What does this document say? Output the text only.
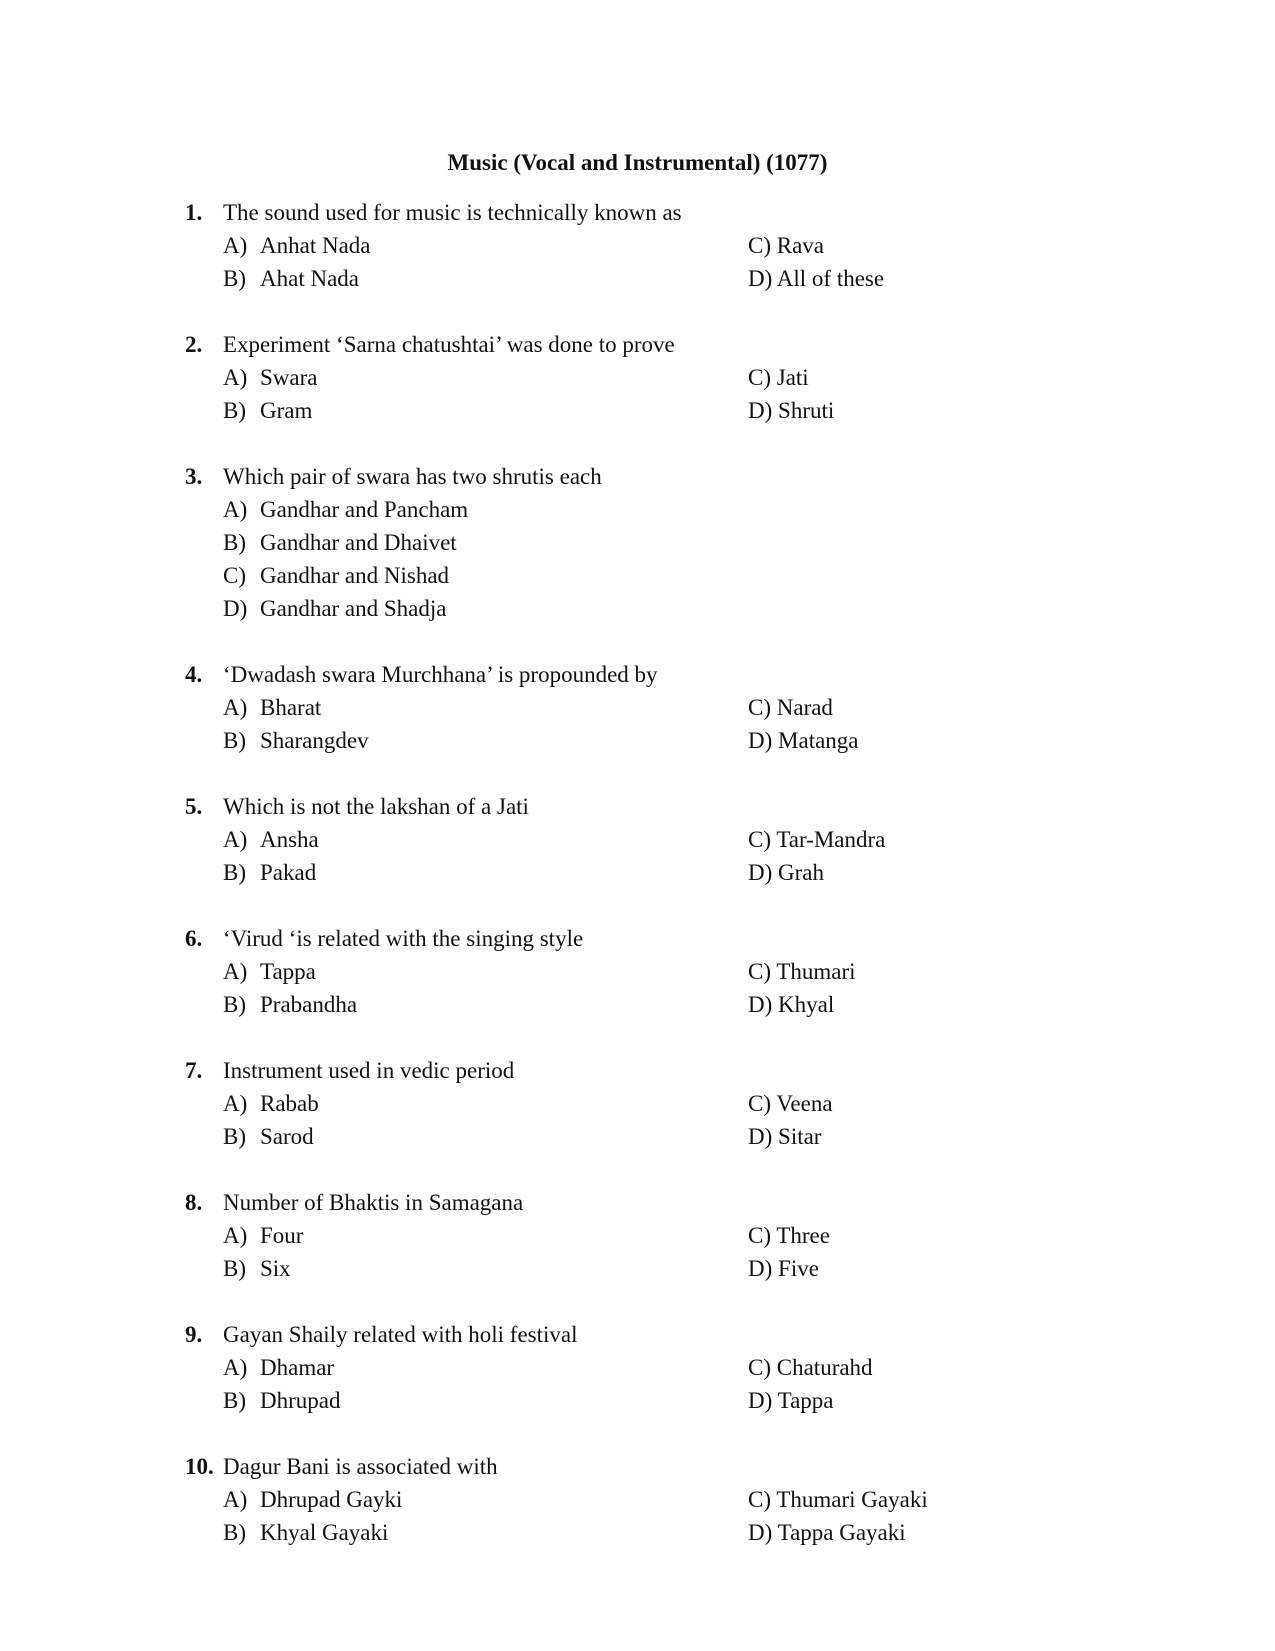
Music (Vocal and Instrumental) (1077)
1. The sound used for music is technically known as
A) Anhat Nada
B) Ahat Nada
C) Rava
D) All of these
2. Experiment ‘Sarna chatushtai’ was done to prove
A) Swara
B) Gram
C) Jati
D) Shruti
3. Which pair of swara has two shrutis each
A) Gandhar and Pancham
B) Gandhar and Dhaivet
C) Gandhar and Nishad
D) Gandhar and Shadja
4. ‘Dwadash swara Murchhana’ is propounded by
A) Bharat
B) Sharangdev
C) Narad
D) Matanga
5. Which is not the lakshan of a Jati
A) Ansha
B) Pakad
C) Tar-Mandra
D) Grah
6. ‘Virud ‘is related with the singing style
A) Tappa
B) Prabandha
C) Thumari
D) Khyal
7. Instrument used in vedic period
A) Rabab
B) Sarod
C) Veena
D) Sitar
8. Number of Bhaktis in Samagana
A) Four
B) Six
C) Three
D) Five
9. Gayan Shaily related with holi festival
A) Dhamar
B) Dhrupad
C) Chaturahd
D) Tappa
10. Dagur Bani is associated with
A) Dhrupad Gayki
B) Khyal Gayaki
C) Thumari Gayaki
D) Tappa Gayaki
